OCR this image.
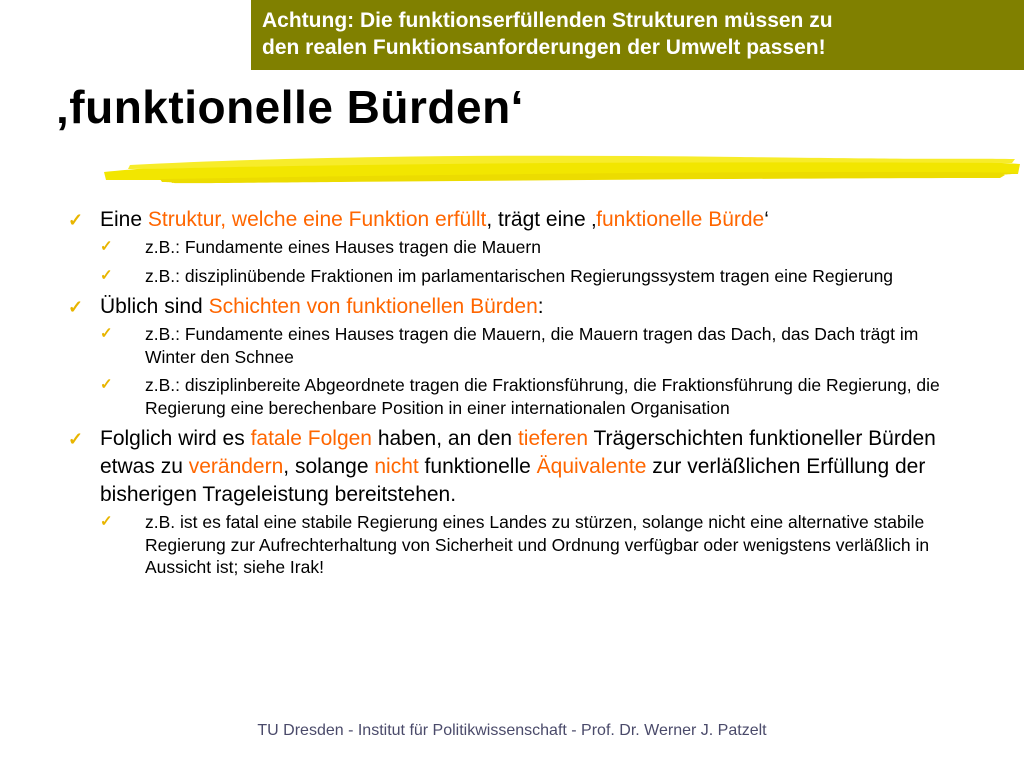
Achtung: Die funktionserfüllenden Strukturen müssen zu
den realen Funktionsanforderungen der Umwelt passen!
‚funktionelle Bürden‘
✓ Eine Struktur, welche eine Funktion erfüllt, trägt eine ‚funktionelle Bürde‘
✓ z.B.: Fundamente eines Hauses tragen die Mauern
✓ z.B.: disziplinübende Fraktionen im parlamentarischen Regierungssystem tragen eine Regierung
✓ Üblich sind Schichten von funktionellen Bürden:
✓ z.B.: Fundamente eines Hauses tragen die Mauern, die Mauern tragen das Dach, das Dach trägt im Winter den Schnee
✓ z.B.: disziplinbereite Abgeordnete tragen die Fraktionsführung, die Fraktionsführung die Regierung, die Regierung eine berechenbare Position in einer internationalen Organisation
✓ Folglich wird es fatale Folgen haben, an den tieferen Trägerschichten funktioneller Bürden etwas zu verändern, solange nicht funktionelle Äquivalente zur verläßlichen Erfüllung der bisherigen Trageleistung bereitstehen.
✓ z.B. ist es fatal eine stabile Regierung eines Landes zu stürzen, solange nicht eine alternative stabile Regierung zur Aufrechterhaltung von Sicherheit und Ordnung verfügbar oder wenigstens verläßlich in Aussicht ist; siehe Irak!
TU Dresden - Institut für Politikwissenschaft - Prof. Dr. Werner J. Patzelt
